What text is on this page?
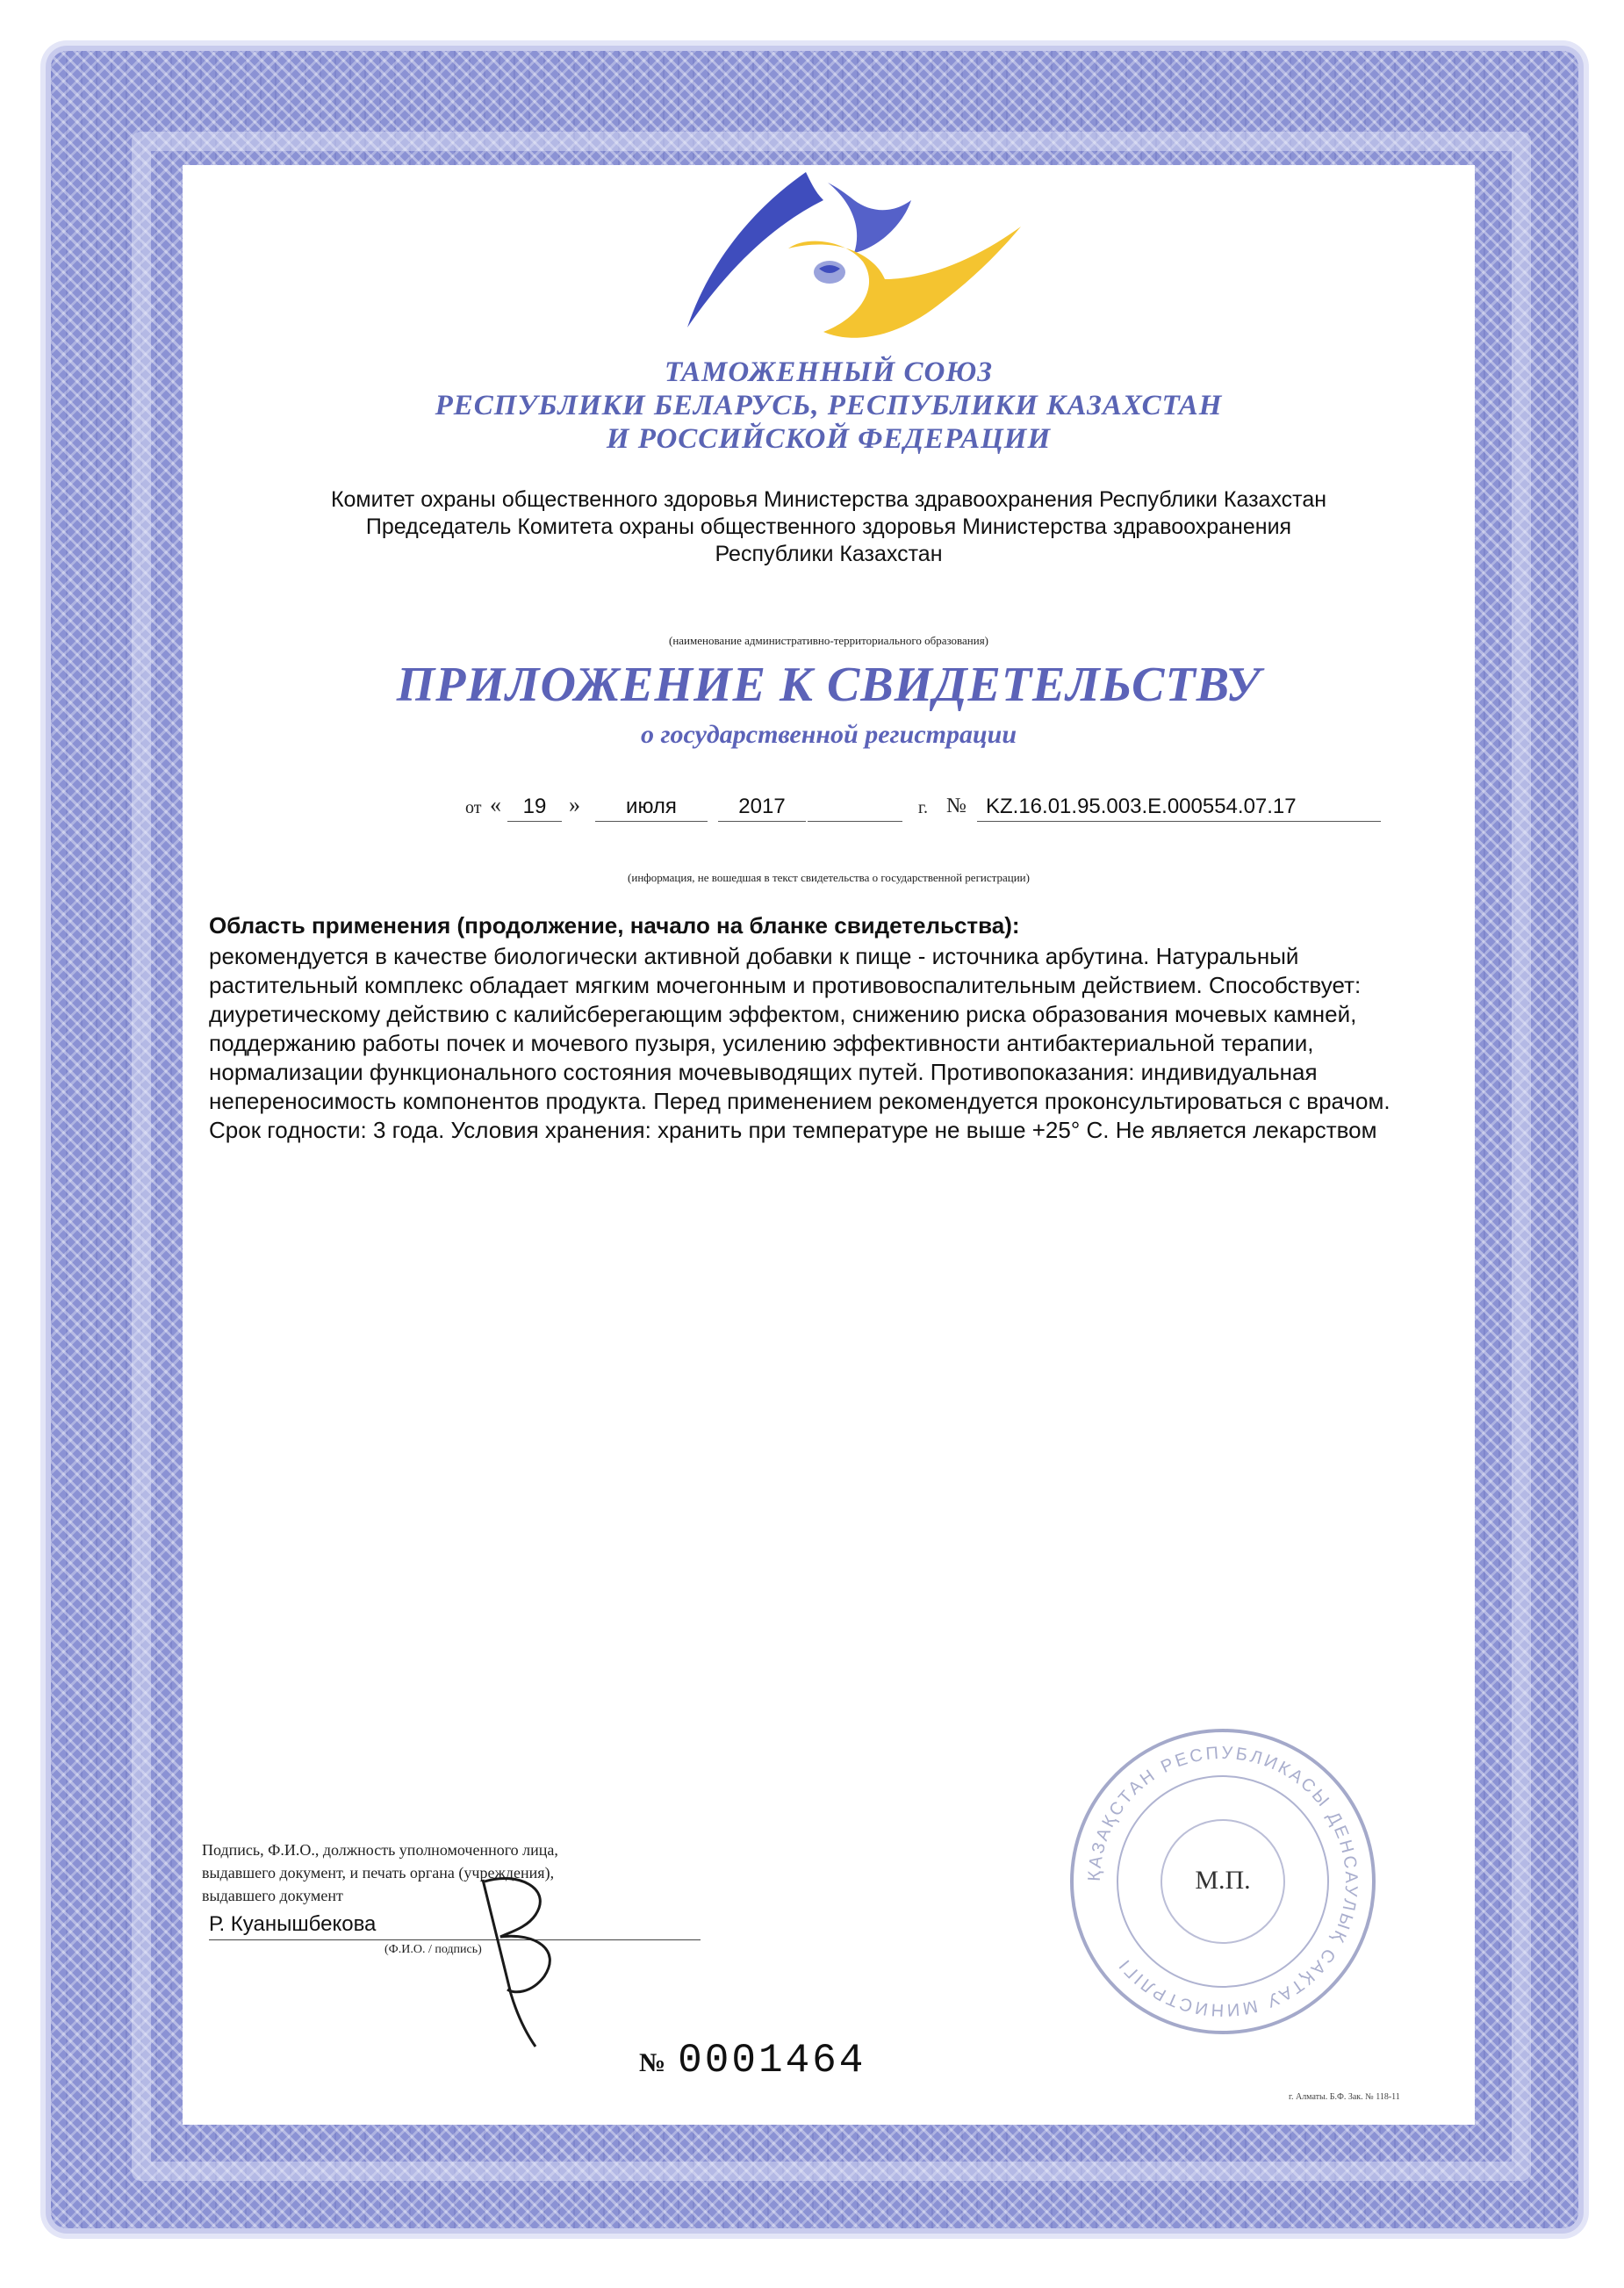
ТАМОЖЕННЫЙ СОЮЗ
РЕСПУБЛИКИ БЕЛАРУСЬ, РЕСПУБЛИКИ КАЗАХСТАН
И РОССИЙСКОЙ ФЕДЕРАЦИИ
Комитет охраны общественного здоровья Министерства здравоохранения Республики Казахстан
Председатель Комитета охраны общественного здоровья Министерства здравоохранения
Республики Казахстан
(наименование административно-территориального образования)
ПРИЛОЖЕНИЕ К СВИДЕТЕЛЬСТВУ
о государственной регистрации
от «	19 »	июля	2017	г. № KZ.16.01.95.003.E.000554.07.17
(информация, не вошедшая в текст свидетельства о государственной регистрации)
Область применения (продолжение, начало на бланке свидетельства):
рекомендуется в качестве биологически активной добавки к пище - источника арбутина. Натуральный растительный комплекс обладает мягким мочегонным и противовоспалительным действием. Способствует: диуретическому действию с калийсберегающим эффектом, снижению риска образования мочевых камней, поддержанию работы почек и мочевого пузыря, усилению эффективности антибактериальной терапии, нормализации функционального состояния мочевыводящих путей. Противопоказания: индивидуальная непереносимость компонентов продукта. Перед применением рекомендуется проконсультироваться с врачом. Срок годности: 3 года. Условия хранения: хранить при температуре не выше +25° С. Не является лекарством
Подпись, Ф.И.О., должность уполномоченного лица,
выдавшего документ, и печать органа (учреждения),
выдавшего документ
Р. Куанышбекова
(Ф.И.О. / подпись)
ҚАЗАҚСТАН РЕСПУБЛИКАСЫ ДЕНСАУЛЫҚ САҚТАУ МИНИСТРЛІГІ
М.П.
№ 0001464
г. Алматы. Б.Ф. Зак. № 118-11
